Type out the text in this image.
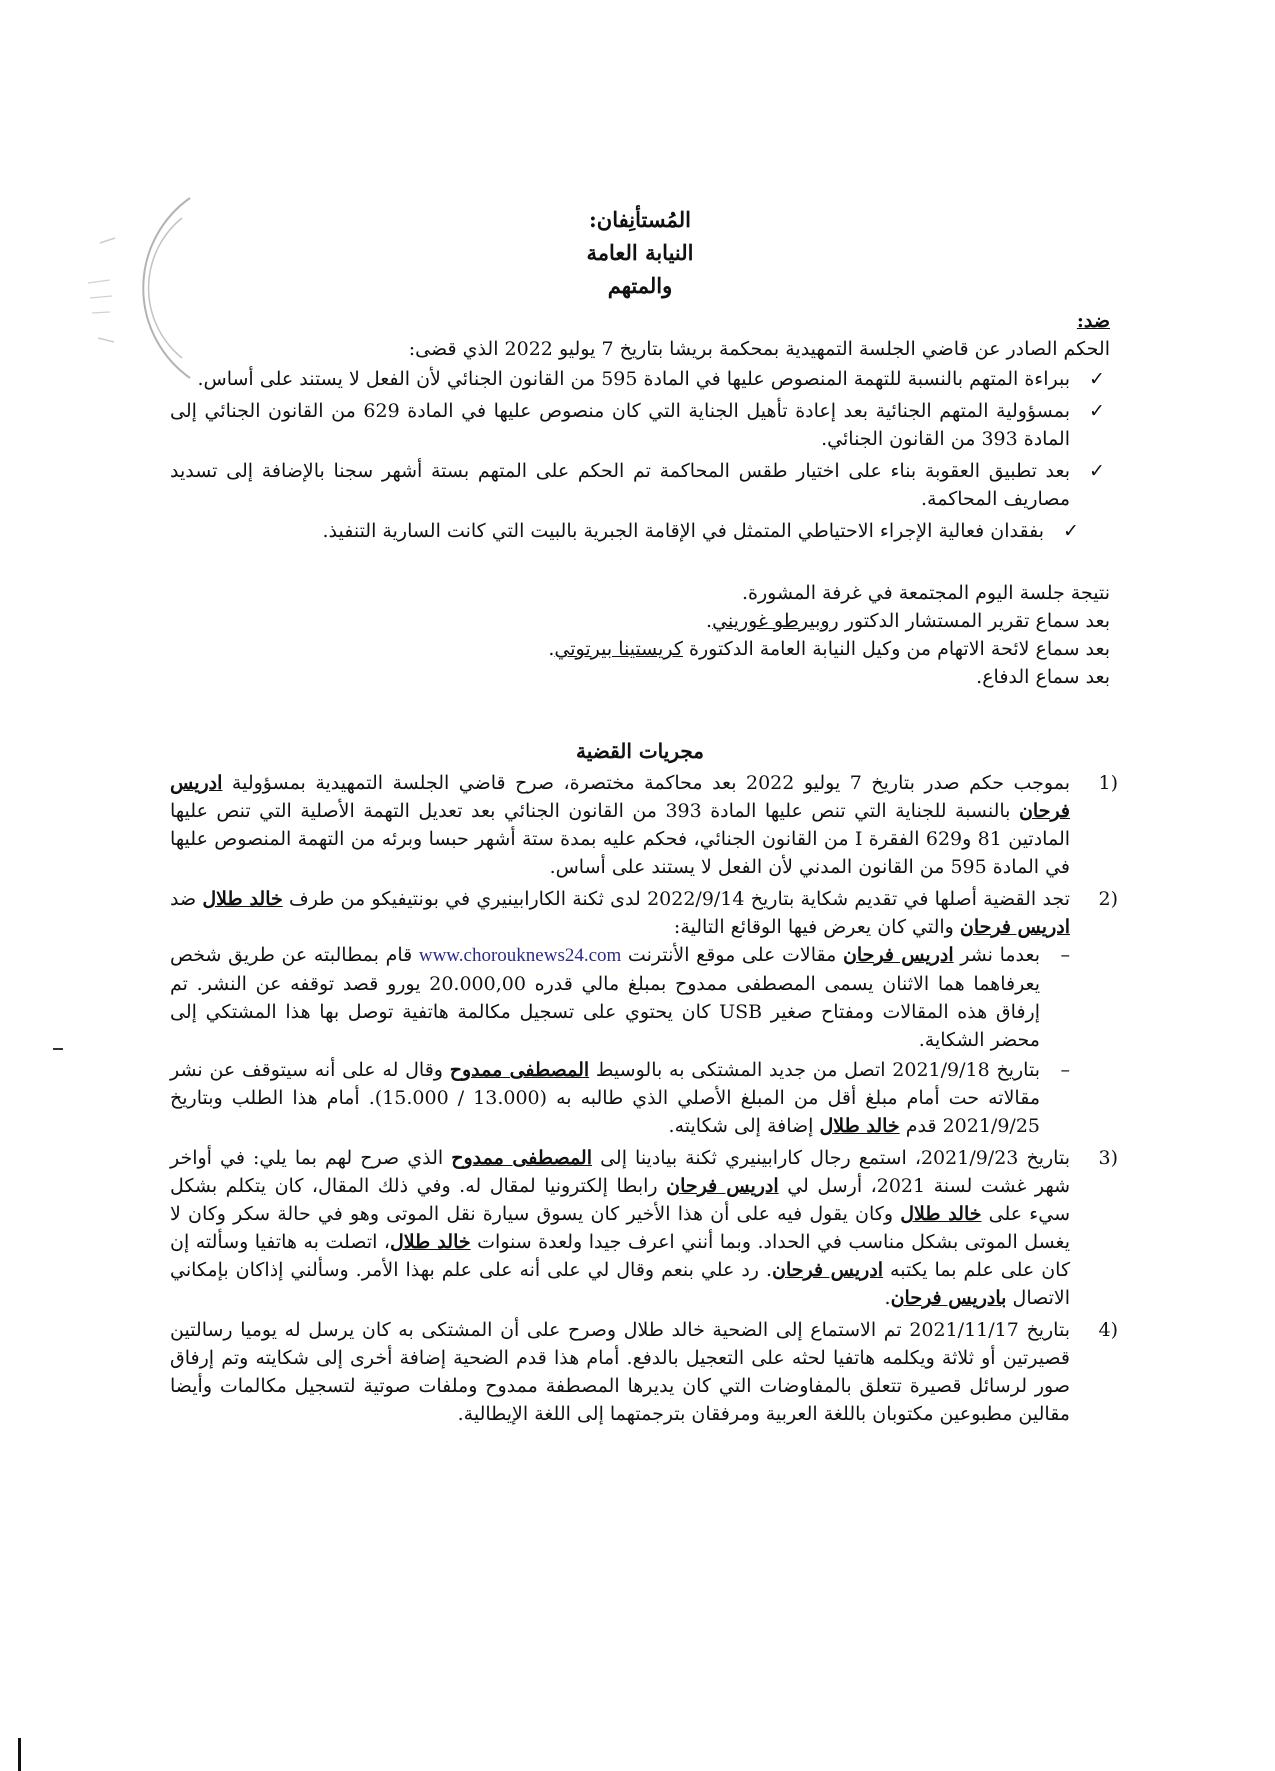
المُستأنِفان:
النيابة العامة
والمتهم
ضد:

الحكم الصادر عن قاضي الجلسة التمهيدية بمحكمة بريشا بتاريخ 7 يوليو 2022 الذي قضى:

✓
ببراءة المتهم بالنسبة للتهمة المنصوص عليها في المادة 595 من القانون الجنائي لأن الفعل لا يستند على أساس.
✓
بمسؤولية المتهم الجنائية بعد إعادة تأهيل الجناية التي كان منصوص عليها في المادة 629 من القانون الجنائي إلى المادة 393 من القانون الجنائي.
✓
بعد تطبيق العقوبة بناء على اختيار طقس المحاكمة تم الحكم على المتهم بستة أشهر سجنا بالإضافة إلى تسديد مصاريف المحاكمة.
✓
بفقدان فعالية الإجراء الاحتياطي المتمثل في الإقامة الجبرية بالبيت التي كانت السارية التنفيذ.

نتيجة جلسة اليوم المجتمعة في غرفة المشورة.

بعد سماع تقرير المستشار الدكتور روبيرطو غوريني.

بعد سماع لائحة الاتهام من وكيل النيابة العامة الدكتورة كريستينا بيرتوتي.

بعد سماع الدفاع.

مجريات القضية
1)
بموجب حكم صدر بتاريخ 7 يوليو 2022 بعد محاكمة مختصرة، صرح قاضي الجلسة التمهيدية بمسؤولية ادريس فرحان بالنسبة للجناية التي تنص عليها المادة 393 من القانون الجنائي بعد تعديل التهمة الأصلية التي تنص عليها المادتين 81 و629 الفقرة I من القانون الجنائي، فحكم عليه بمدة ستة أشهر حبسا وبرئه من التهمة المنصوص عليها في المادة 595 من القانون المدني لأن الفعل لا يستند على أساس.
2)
تجد القضية أصلها في تقديم شكاية بتاريخ 2022/9/14 لدى ثكنة الكارابينيري في بونتيفيكو من طرف خالد طلال ضد ادريس فرحان والتي كان يعرض فيها الوقائع التالية:
–
بعدما نشر ادريس فرحان مقالات على موقع الأنترنت www.chorouknews24.com قام بمطالبته عن طريق شخص يعرفاهما هما الاثنان يسمى المصطفى ممدوح بمبلغ مالي قدره 20.000,00 يورو قصد توقفه عن النشر. تم إرفاق هذه المقالات ومفتاح صغير USB كان يحتوي على تسجيل مكالمة هاتفية توصل بها هذا المشتكي إلى محضر الشكاية.
–
بتاريخ 2021/9/18 اتصل من جديد المشتكى به بالوسيط المصطفى ممدوح وقال له على أنه سيتوقف عن نشر مقالاته حت أمام مبلغ أقل من المبلغ الأصلي الذي طالبه به (13.000 / 15.000). أمام هذا الطلب وبتاريخ 2021/9/25 قدم خالد طلال إضافة إلى شكايته.
3)
بتاريخ 2021/9/23، استمع رجال كارابينيري ثكنة بيادينا إلى المصطفى ممدوح الذي صرح لهم بما يلي: في أواخر شهر غشت لسنة 2021، أرسل لي ادريس فرحان رابطا إلكترونيا لمقال له. وفي ذلك المقال، كان يتكلم بشكل سيء على خالد طلال وكان يقول فيه على أن هذا الأخير كان يسوق سيارة نقل الموتى وهو في حالة سكر وكان لا يغسل الموتى بشكل مناسب في الحداد. وبما أنني اعرف جيدا ولعدة سنوات خالد طلال، اتصلت به هاتفيا وسألته إن كان على علم بما يكتبه ادريس فرحان. رد علي بنعم وقال لي على أنه على علم بهذا الأمر. وسألني إذاكان بإمكاني الاتصال بادريس فرحان.
4)
بتاريخ 2021/11/17 تم الاستماع إلى الضحية خالد طلال وصرح على أن المشتكى به كان يرسل له يوميا رسالتين قصيرتين أو ثلاثة ويكلمه هاتفيا لحثه على التعجيل بالدفع. أمام هذا قدم الضحية إضافة أخرى إلى شكايته وتم إرفاق صور لرسائل قصيرة تتعلق بالمفاوضات التي كان يديرها المصطفة ممدوح وملفات صوتية لتسجيل مكالمات وأيضا مقالين مطبوعين مكتوبان باللغة العربية ومرفقان بترجمتهما إلى اللغة الإيطالية.
